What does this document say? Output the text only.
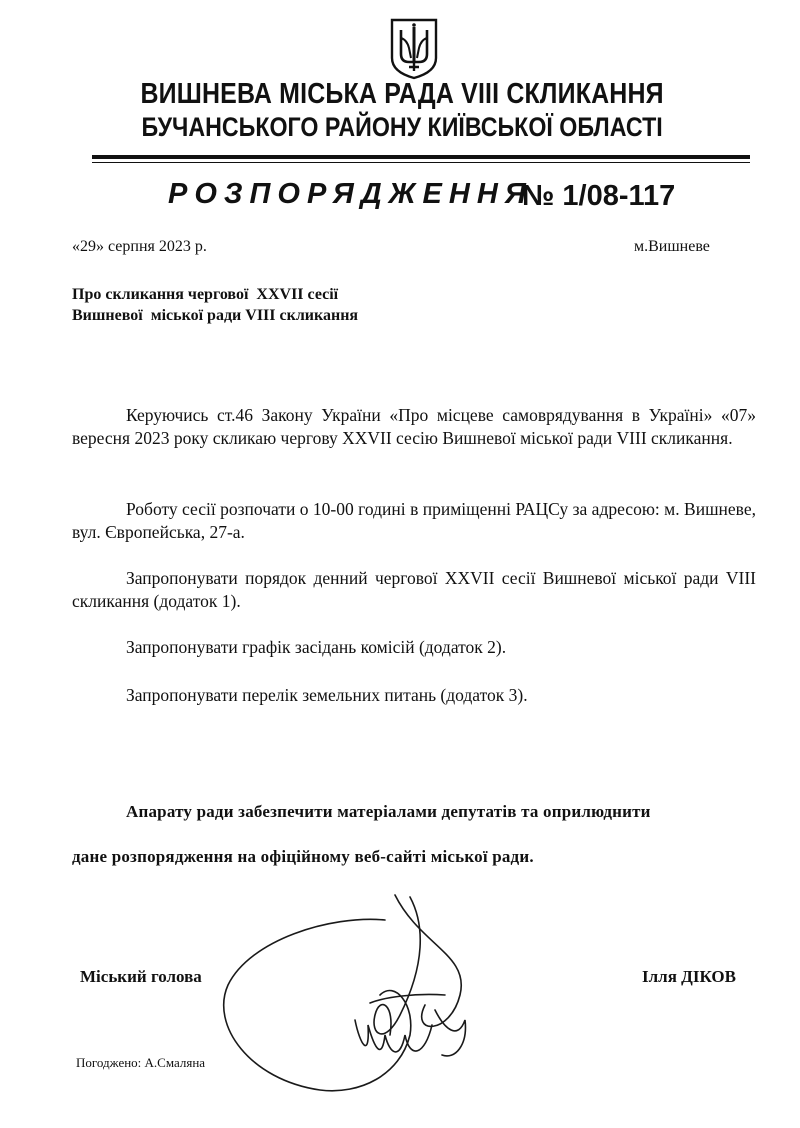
ВИШНЕВА МІСЬКА РАДА VIII СКЛИКАННЯ
БУЧАНСЬКОГО РАЙОНУ КИЇВСЬКОЇ ОБЛАСТІ
РОЗПОРЯДЖЕННЯ
№ 1/08-117
«29» серпня 2023 р.	м.Вишневе
Про скликання чергової  XXVII сесії
Вишневої  міської ради VIII скликання
Керуючись ст.46 Закону України «Про місцеве самоврядування в Україні» «07» вересня 2023 року скликаю чергову XXVII сесію Вишневої міської ради VIII скликання.
Роботу сесії розпочати о 10-00 годині в приміщенні РАЦСу за адресою: м. Вишневе, вул. Європейська, 27-а.
Запропонувати порядок денний чергової XXVII сесії Вишневої міської ради VIII скликання (додаток 1).
Запропонувати графік засідань комісій (додаток 2).
Запропонувати перелік земельних питань (додаток 3).
Апарату ради забезпечити матеріалами депутатів та оприлюднити
дане розпорядження на офіційному веб-сайті міської ради.
Міський голова	Ілля ДІКОВ
Погоджено: А.Смаляна
